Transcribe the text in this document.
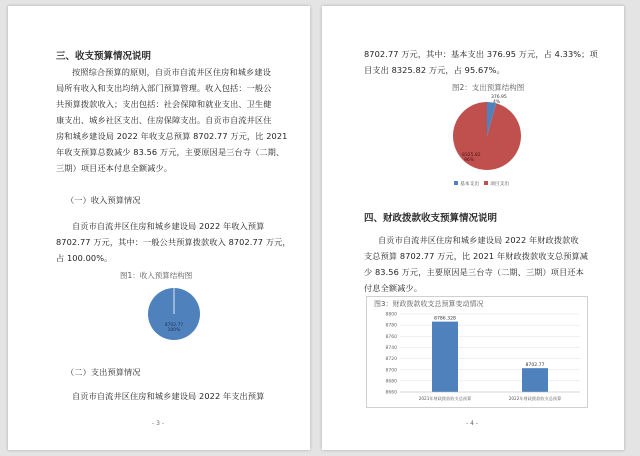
三、收支预算情况说明

按照综合预算的原则，自贡市自流井区住房和城乡建设

局所有收入和支出均纳入部门预算管理。收入包括：一般公

共预算拨款收入；支出包括：社会保障和就业支出、卫生健

康支出、城乡社区支出、住房保障支出。自贡市自流井区住

房和城乡建设局 2022 年收支总预算 8702.77 万元，比 2021

年收支预算总数减少 83.56 万元，主要原因是三台寺（二期、

三期）项目还本付息全额减少。

（一）收入预算情况

自贡市自流井区住房和城乡建设局 2022 年收入预算

8702.77 万元，其中：一般公共预算拨款收入 8702.77 万元，

占 100.00%。

图1：收入预算结构图

8702.77
100%

（二）支出预算情况

自贡市自流井区住房和城乡建设局 2022 年支出预算

- 3 -

8702.77 万元，其中：基本支出 376.95 万元，占 4.33%；项

目支出 8325.82 万元，占 95.67%。

图2：支出预算结构图

376.95
4%
8325.82
96%
基本支出 项目支出

四、财政拨款收支预算情况说明

自贡市自流井区住房和城乡建设局 2022 年财政拨款收

支总预算 8702.77 万元，比 2021 年财政拨款收支总预算减

少 83.56 万元，主要原因是三台寺（二期、三期）项目还本

付息全额减少。

图3：财政拨款收支总预算变动情况
8660
8680
8700
8720
8740
8760
8780
8800
8786.328
2021年财政拨款收支总预算
8702.77
2022年财政拨款收支总预算

- 4 -
